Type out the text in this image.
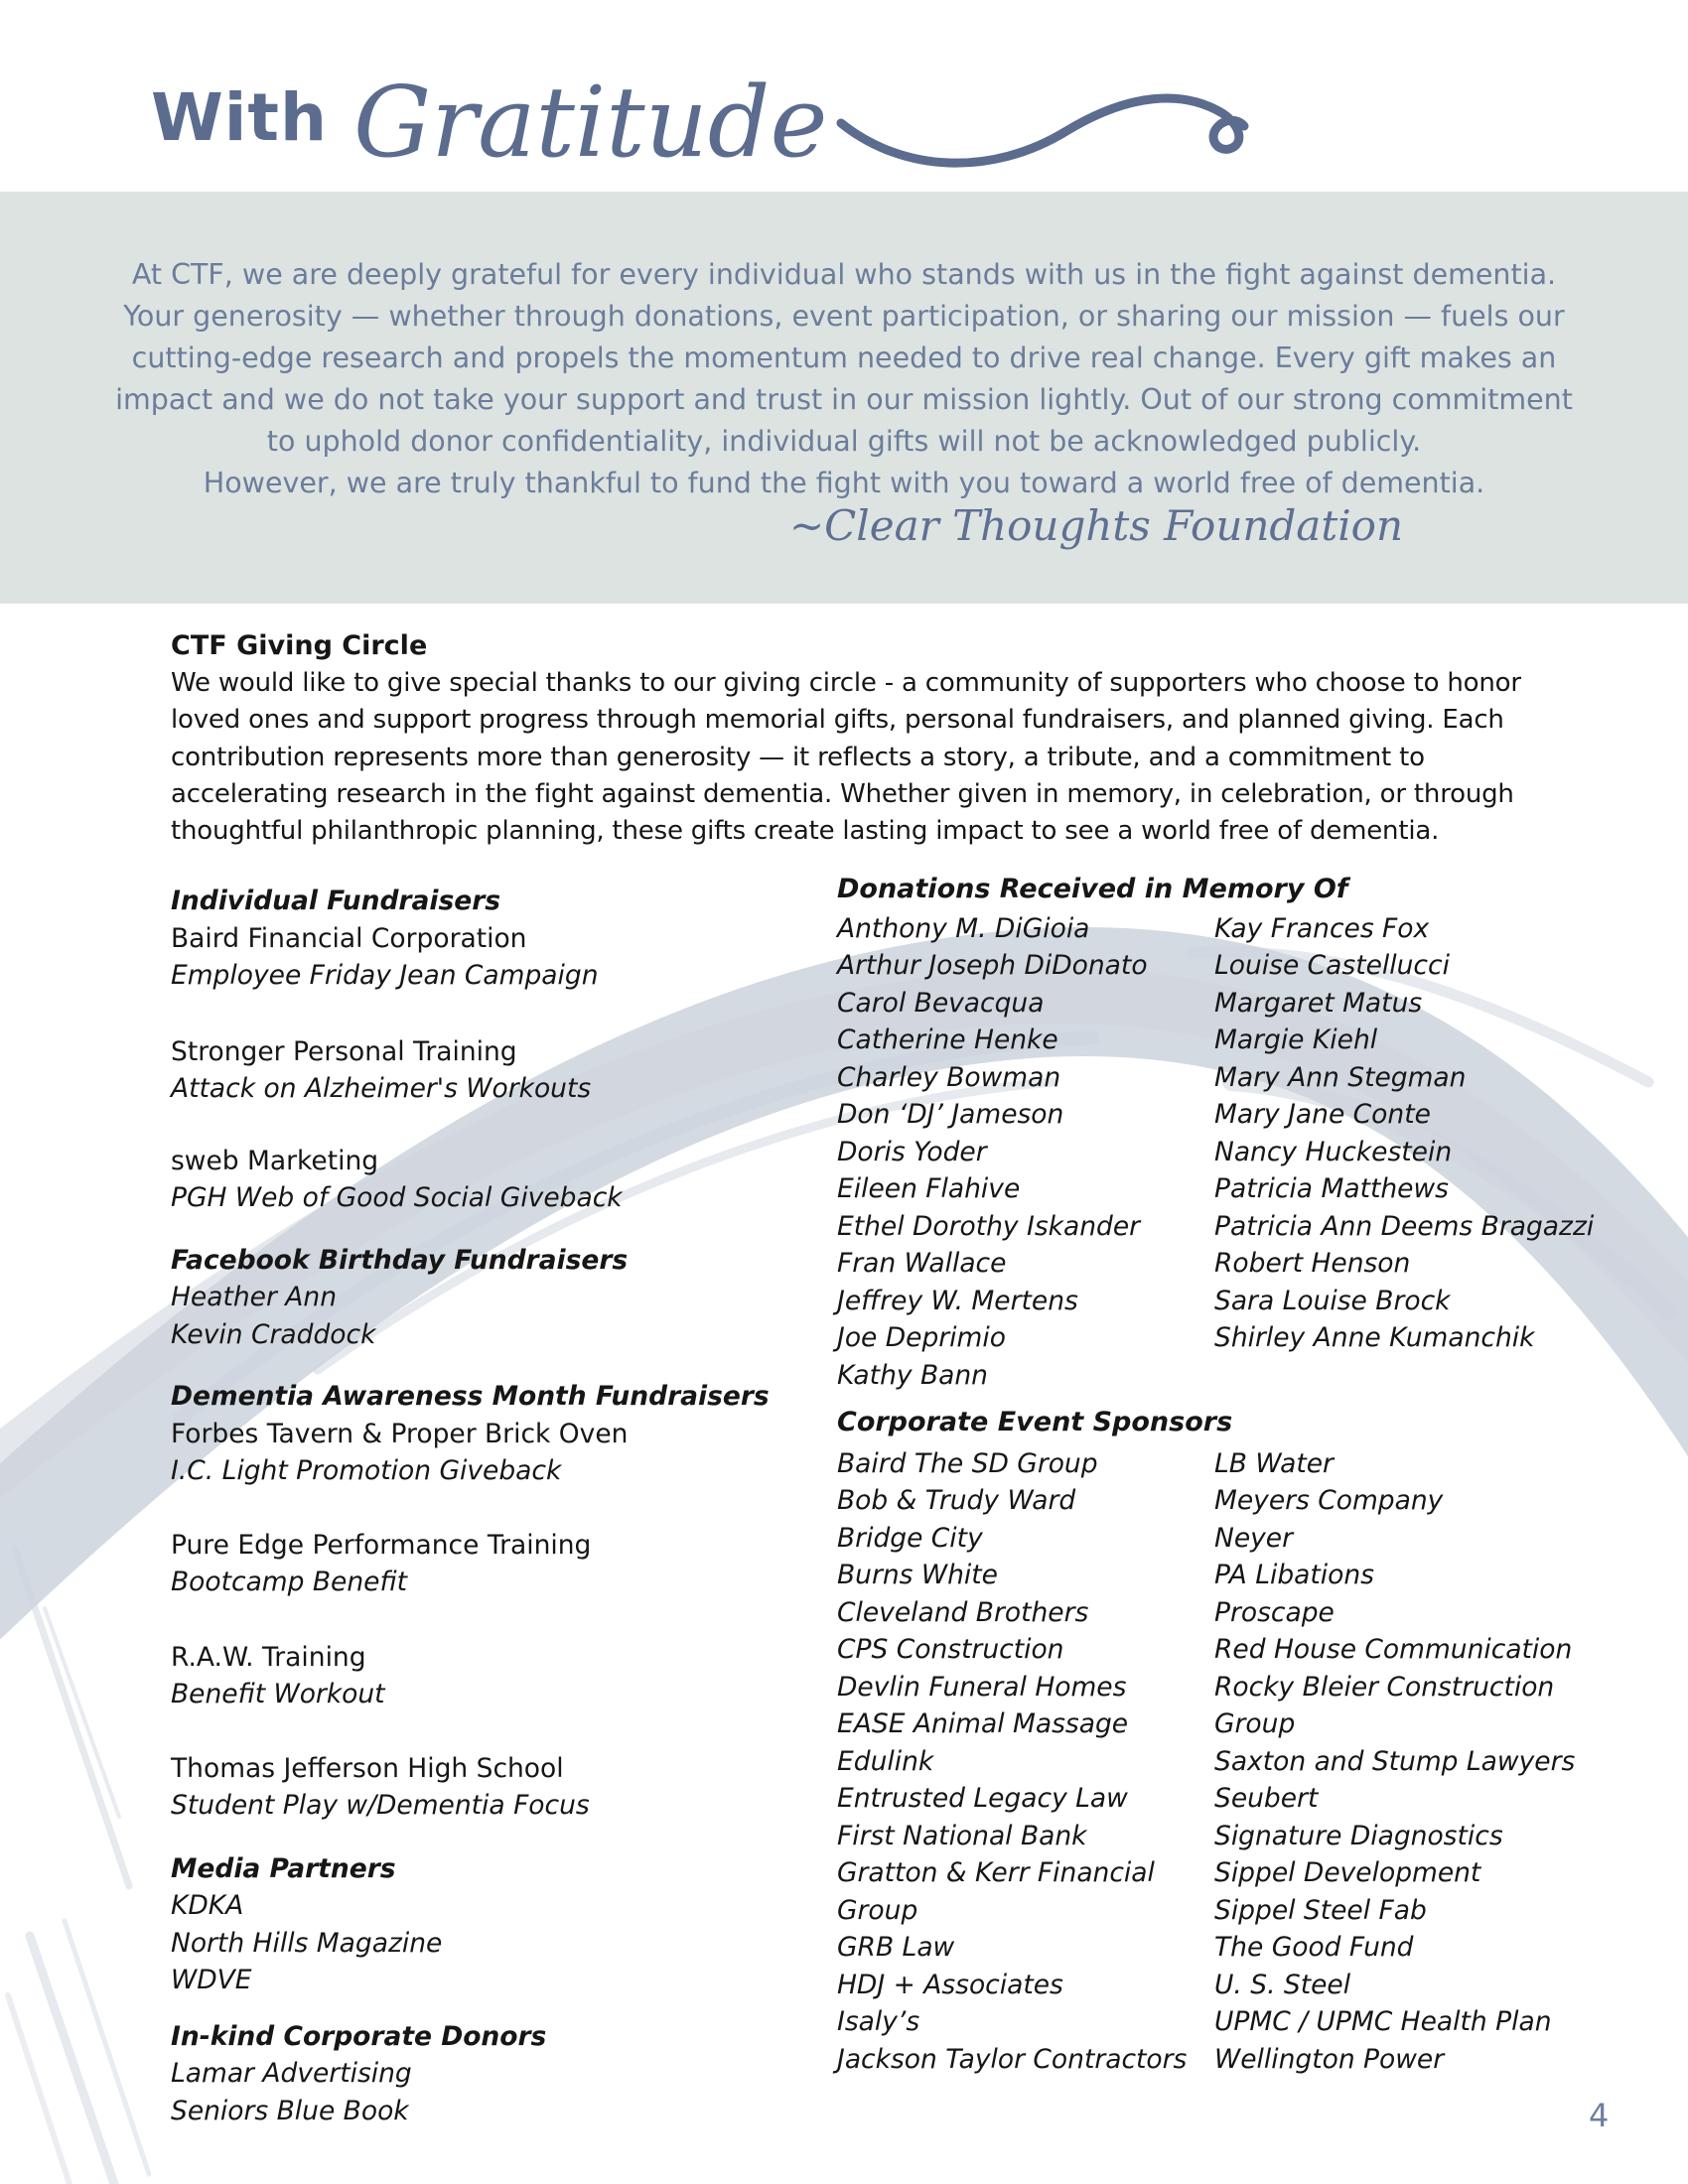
At CTF, we are deeply grateful for every individual who stands with us in the fight against dementia.
Your generosity — whether through donations, event participation, or sharing our mission — fuels our
cutting-edge research and propels the momentum needed to drive real change. Every gift makes an
impact and we do not take your support and trust in our mission lightly. Out of our strong commitment
to uphold donor confidentiality, individual gifts will not be acknowledged publicly.
However, we are truly thankful to fund the fight with you toward a world free of dementia.
~Clear Thoughts Foundation
With Gratitude
CTF Giving Circle
We would like to give special thanks to our giving circle - a community of supporters who choose to honor
loved ones and support progress through memorial gifts, personal fundraisers, and planned giving. Each
contribution represents more than generosity — it reflects a story, a tribute, and a commitment to
accelerating research in the fight against dementia. Whether given in memory, in celebration, or through
thoughtful philanthropic planning, these gifts create lasting impact to see a world free of dementia.
Individual Fundraisers
Baird Financial Corporation
Employee Friday Jean Campaign
Stronger Personal Training
Attack on Alzheimer's Workouts
sweb Marketing
PGH Web of Good Social Giveback
Facebook Birthday Fundraisers
Heather Ann
Kevin Craddock
Dementia Awareness Month Fundraisers
Forbes Tavern & Proper Brick Oven
I.C. Light Promotion Giveback
Pure Edge Performance Training
Bootcamp Benefit
R.A.W. Training
Benefit Workout
Thomas Jefferson High School
Student Play w/Dementia Focus
Media Partners
KDKA
North Hills Magazine
WDVE
In-kind Corporate Donors
Lamar Advertising
Seniors Blue Book
Donations Received in Memory Of
Anthony M. DiGioia
Arthur Joseph DiDonato
Carol Bevacqua
Catherine Henke
Charley Bowman
Don ‘DJ’ Jameson
Doris Yoder
Eileen Flahive
Ethel Dorothy Iskander
Fran Wallace
Jeffrey W. Mertens
Joe Deprimio
Kathy Bann
Kay Frances Fox
Louise Castellucci
Margaret Matus
Margie Kiehl
Mary Ann Stegman
Mary Jane Conte
Nancy Huckestein
Patricia Matthews
Patricia Ann Deems Bragazzi
Robert Henson
Sara Louise Brock
Shirley Anne Kumanchik
Corporate Event Sponsors
Baird The SD Group
Bob & Trudy Ward
Bridge City
Burns White
Cleveland Brothers
CPS Construction
Devlin Funeral Homes
EASE Animal Massage
Edulink
Entrusted Legacy Law
First National Bank
Gratton & Kerr Financial
Group
GRB Law
HDJ + Associates
Isaly’s
Jackson Taylor Contractors
LB Water
Meyers Company
Neyer
PA Libations
Proscape
Red House Communication
Rocky Bleier Construction
Group
Saxton and Stump Lawyers
Seubert
Signature Diagnostics
Sippel Development
Sippel Steel Fab
The Good Fund
U. S. Steel
UPMC / UPMC Health Plan
Wellington Power
4
